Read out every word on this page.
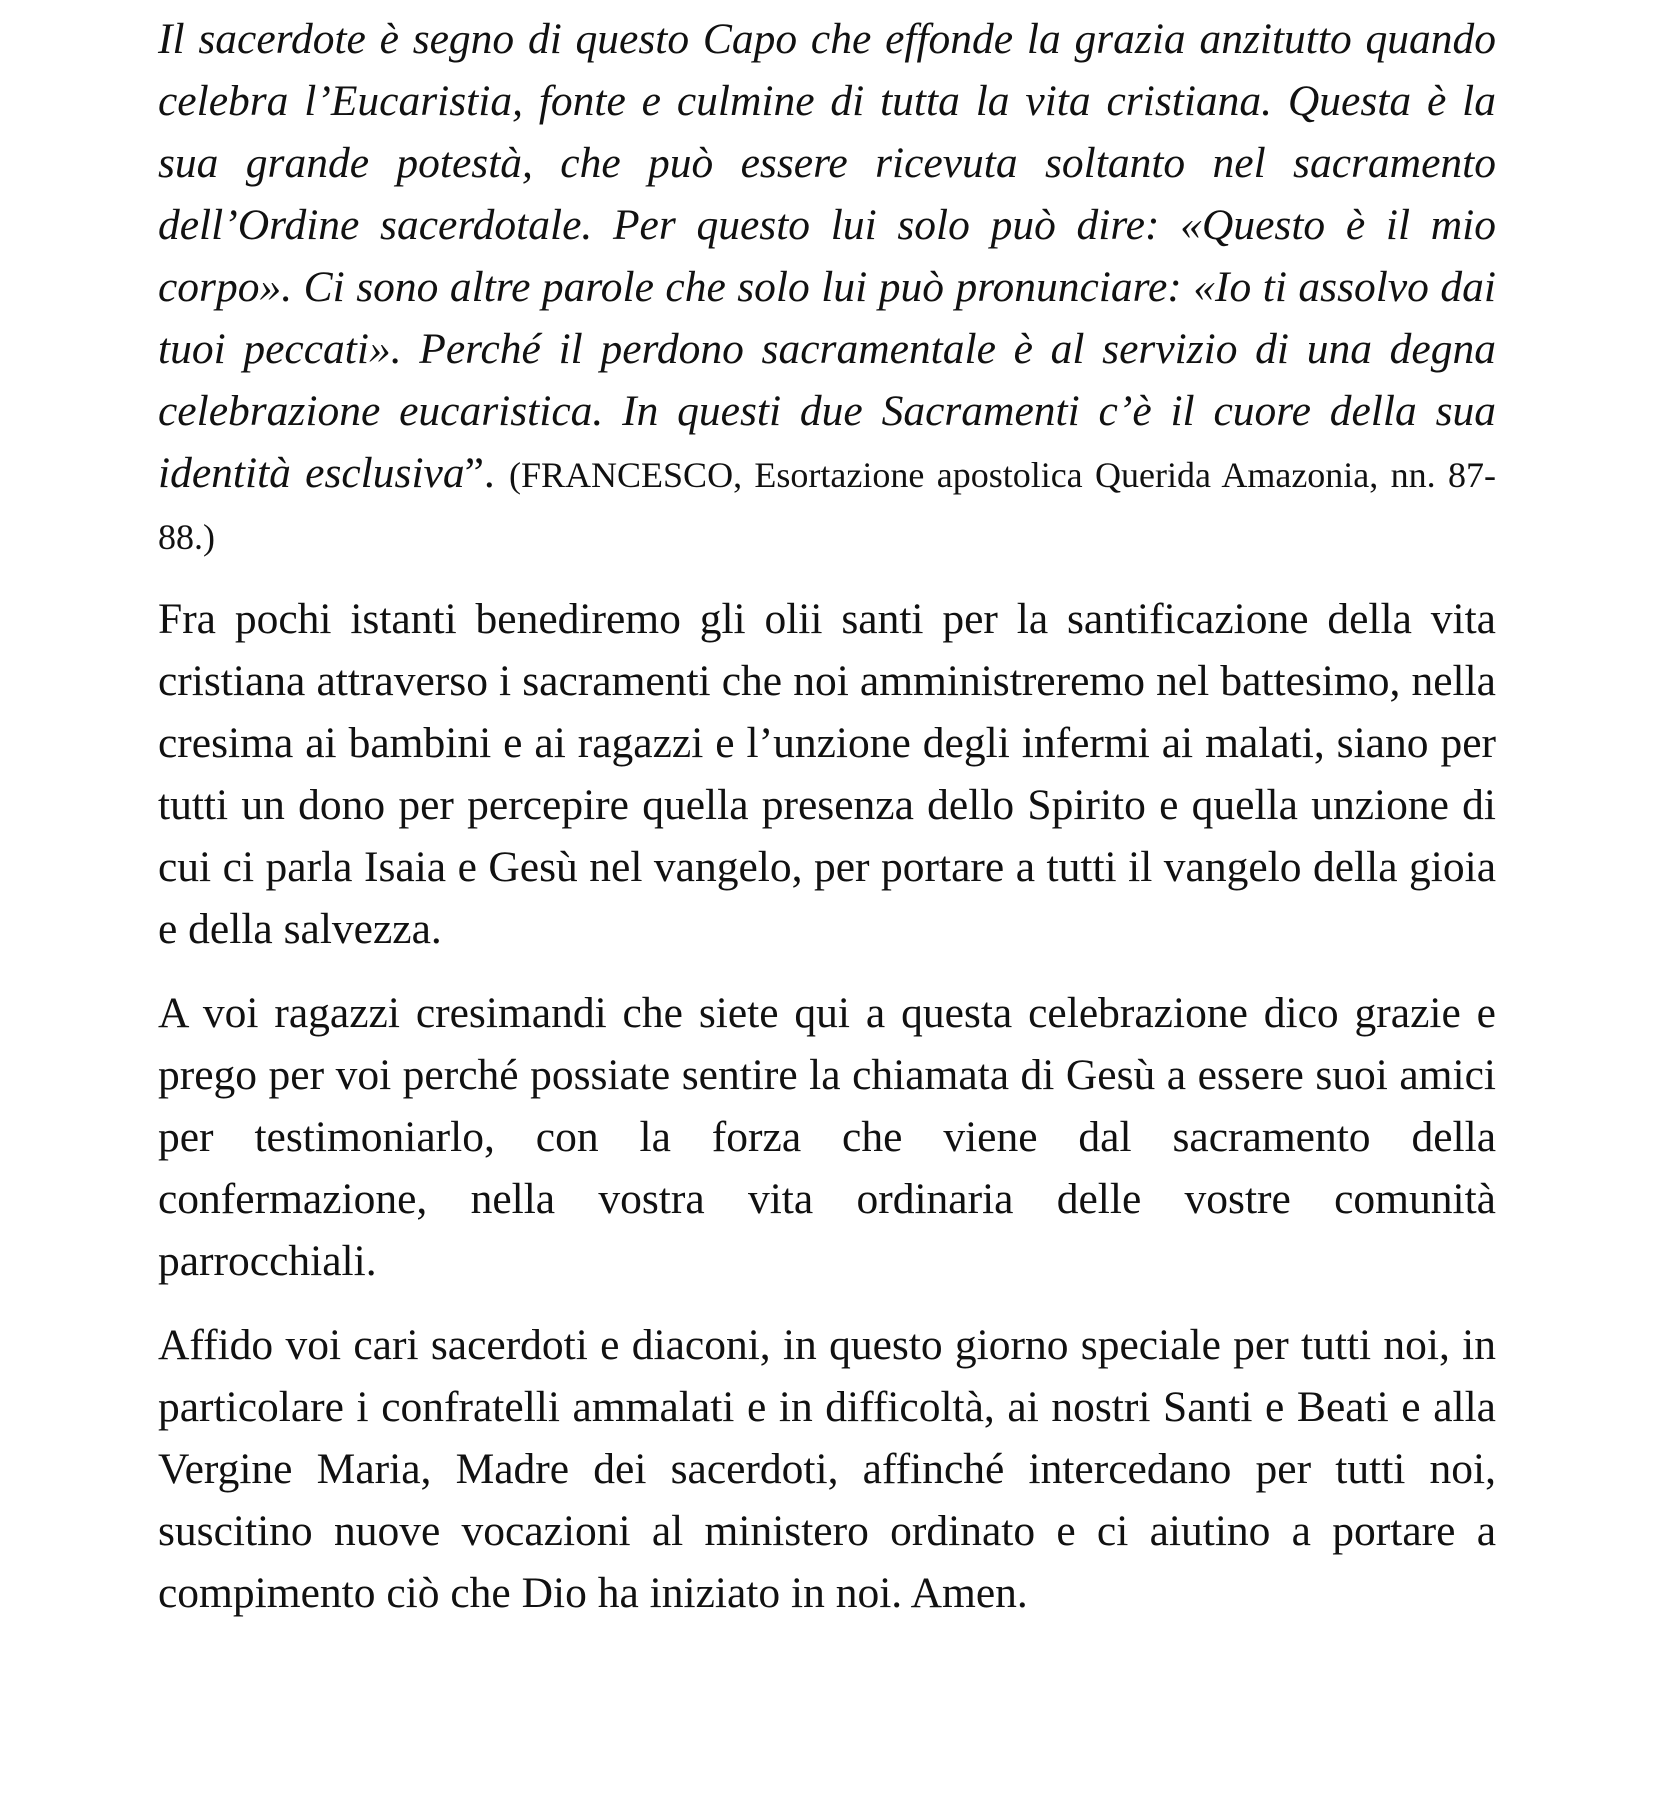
Il sacerdote è segno di questo Capo che effonde la grazia anzitutto quando celebra l’Eucaristia, fonte e culmine di tutta la vita cristiana. Questa è la sua grande potestà, che può essere ricevuta soltanto nel sacramento dell’Ordine sacerdotale. Per questo lui solo può dire: «Questo è il mio corpo». Ci sono altre parole che solo lui può pronunciare: «Io ti assolvo dai tuoi peccati». Perché il perdono sacramentale è al servizio di una degna celebrazione eucaristica. In questi due Sacramenti c’è il cuore della sua identità esclusiva”. (FRANCESCO, Esortazione apostolica Querida Amazonia, nn. 87-88.)

Fra pochi istanti benediremo gli olii santi per la santificazione della vita cristiana attraverso i sacramenti che noi amministreremo nel battesimo, nella cresima ai bambini e ai ragazzi e l’unzione degli infermi ai malati, siano per tutti un dono per percepire quella presenza dello Spirito e quella unzione di cui ci parla Isaia e Gesù nel vangelo, per portare a tutti il vangelo della gioia e della salvezza.

A voi ragazzi cresimandi che siete qui a questa celebrazione dico grazie e prego per voi perché possiate sentire la chiamata di Gesù a essere suoi amici per testimoniarlo, con la forza che viene dal sacramento della confermazione, nella vostra vita ordinaria delle vostre comunità parrocchiali.

Affido voi cari sacerdoti e diaconi, in questo giorno speciale per tutti noi, in particolare i confratelli ammalati e in difficoltà, ai nostri Santi e Beati e alla Vergine Maria, Madre dei sacerdoti, affinché intercedano per tutti noi, suscitino nuove vocazioni al ministero ordinato e ci aiutino a portare a compimento ciò che Dio ha iniziato in noi. Amen.
